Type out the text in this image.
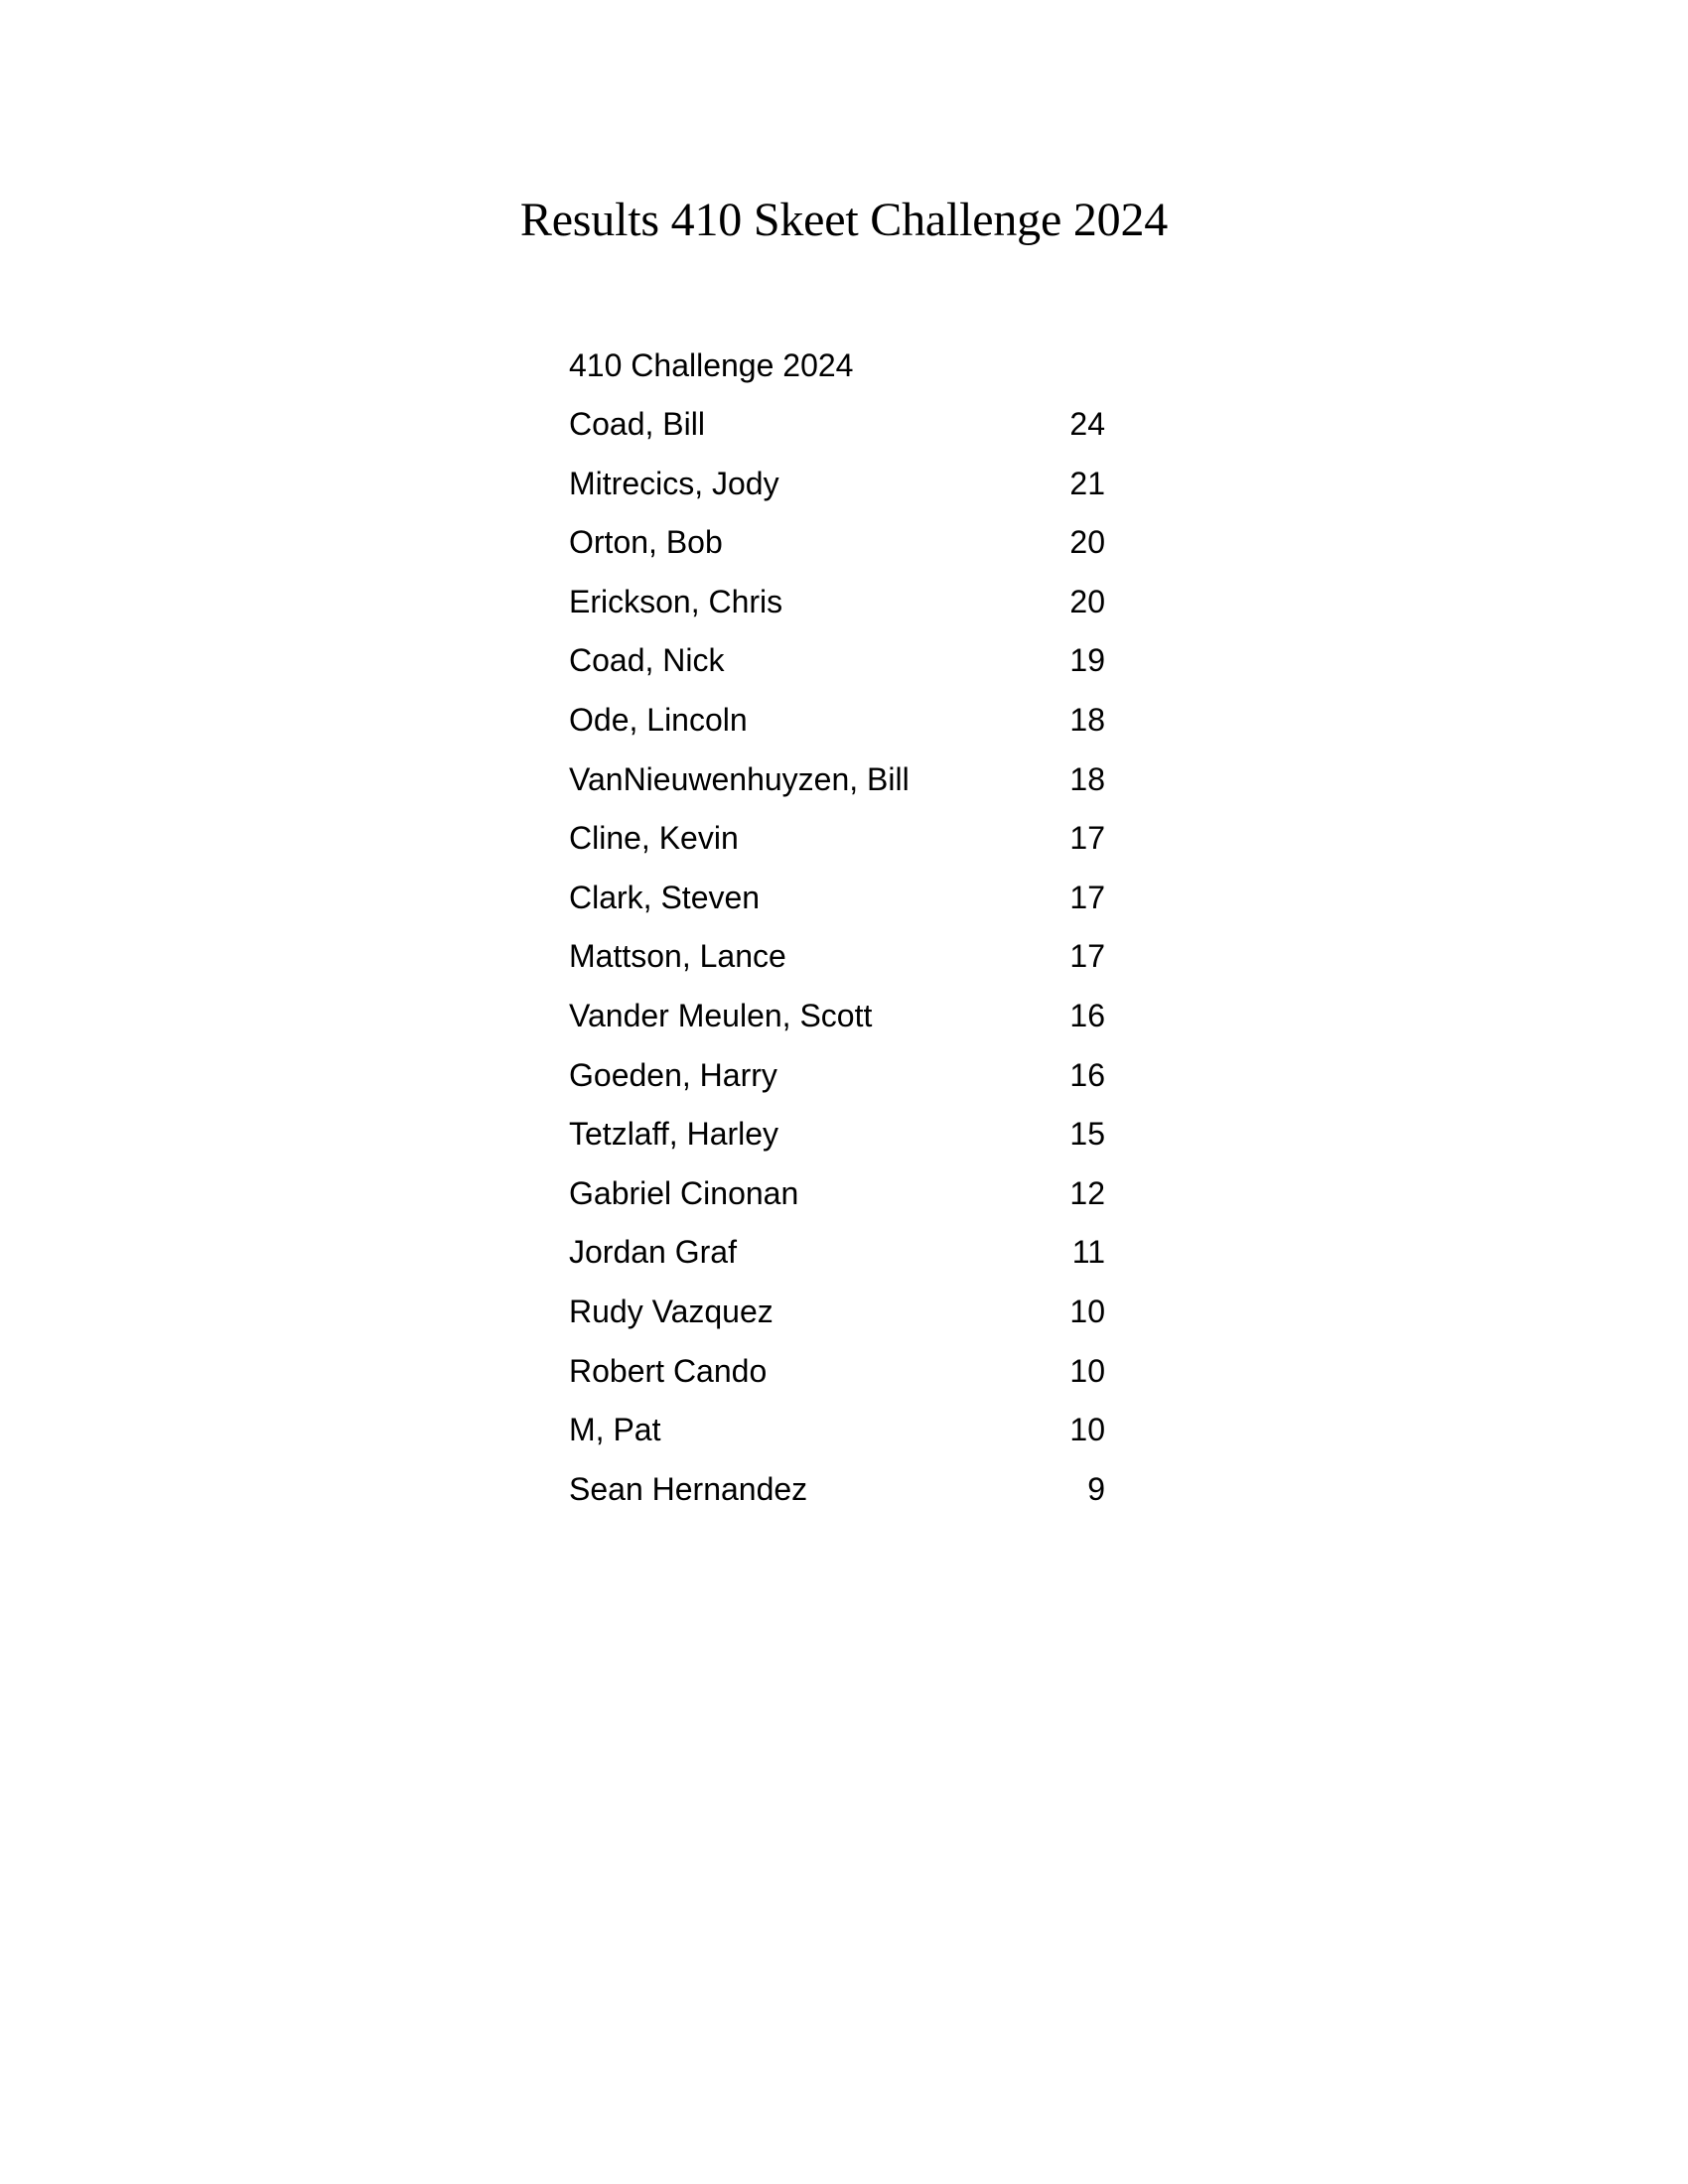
Results 410 Skeet Challenge 2024
410 Challenge 2024
Coad, Bill	24
Mitrecics, Jody	21
Orton, Bob	20
Erickson, Chris	20
Coad, Nick	19
Ode, Lincoln	18
VanNieuwenhuyzen, Bill	18
Cline, Kevin	17
Clark, Steven	17
Mattson, Lance	17
Vander Meulen, Scott	16
Goeden, Harry	16
Tetzlaff, Harley	15
Gabriel Cinonan	12
Jordan Graf	11
Rudy Vazquez	10
Robert Cando	10
M, Pat	10
Sean Hernandez	9
